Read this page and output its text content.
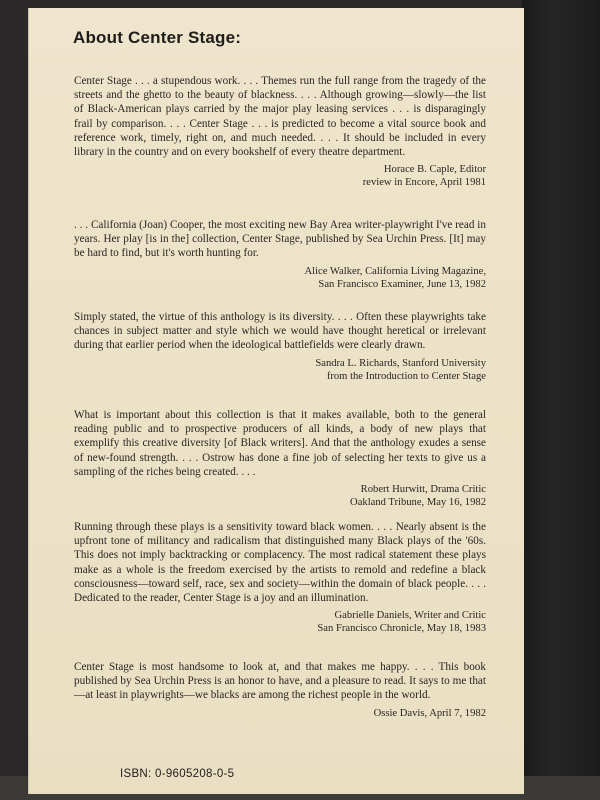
About Center Stage:

Center Stage . . . a stupendous work. . . . Themes run the full range from the tragedy of the streets and the ghetto to the beauty of blackness. . . . Although growing—slowly—the list of Black-American plays carried by the major play leasing services . . . is disparagingly frail by comparison. . . . Center Stage . . . is predicted to become a vital source book and reference work, timely, right on, and much needed. . . . It should be included in every library in the country and on every bookshelf of every theatre department.

Horace B. Caple, Editor
review in Encore, April 1981

. . . California (Joan) Cooper, the most exciting new Bay Area writer-playwright I've read in years. Her play [is in the] collection, Center Stage, published by Sea Urchin Press. [It] may be hard to find, but it's worth hunting for.

Alice Walker, California Living Magazine,
San Francisco Examiner, June 13, 1982

Simply stated, the virtue of this anthology is its diversity. . . . Often these playwrights take chances in subject matter and style which we would have thought heretical or irrelevant during that earlier period when the ideological battlefields were clearly drawn.

Sandra L. Richards, Stanford University
from the Introduction to Center Stage

What is important about this collection is that it makes available, both to the general reading public and to prospective producers of all kinds, a body of new plays that exemplify this creative diversity [of Black writers]. And that the anthology exudes a sense of new-found strength. . . . Ostrow has done a fine job of selecting her texts to give us a sampling of the riches being created. . . .

Robert Hurwitt, Drama Critic
Oakland Tribune, May 16, 1982

Running through these plays is a sensitivity toward black women. . . . Nearly absent is the upfront tone of militancy and radicalism that distinguished many Black plays of the '60s. This does not imply backtracking or complacency. The most radical statement these plays make as a whole is the freedom exercised by the artists to remold and redefine a black consciousness—toward self, race, sex and society—within the domain of black people. . . . Dedicated to the reader, Center Stage is a joy and an illumination.

Gabrielle Daniels, Writer and Critic
San Francisco Chronicle, May 18, 1983

Center Stage is most handsome to look at, and that makes me happy. . . . This book published by Sea Urchin Press is an honor to have, and a pleasure to read. It says to me that—at least in playwrights—we blacks are among the richest people in the world.

Ossie Davis, April 7, 1982
ISBN: 0-9605208-0-5
